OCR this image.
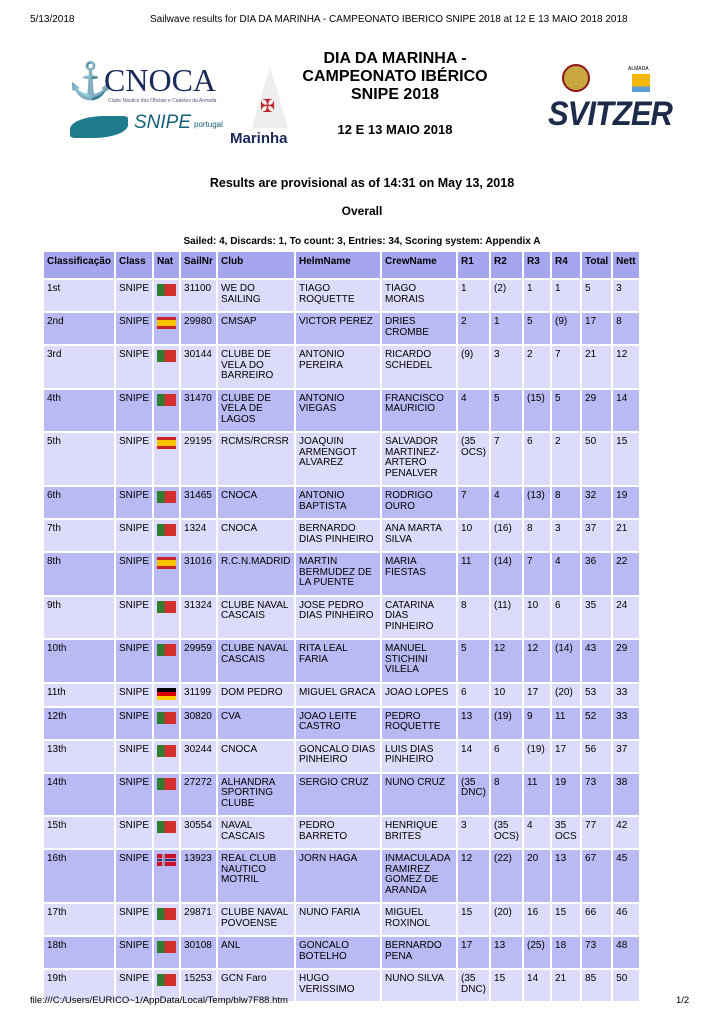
5/13/2018	Sailwave results for DIA DA MARINHA - CAMPEONATO IBERICO SNIPE 2018 at 12 E 13 MAIO 2018 2018
⚓
CNOCA
Clube Náutico dos Oficiais e Cadetes da Armada
SNIPE portugal
✠
Marinha
DIA DA MARINHA -
CAMPEONATO IBÉRICO
SNIPE 2018
12 E 13 MAIO 2018
ALMADA
SVITZER
Results are provisional as of 14:31 on May 13, 2018
Overall
Sailed: 4, Discards: 1, To count: 3, Entries: 34, Scoring system: Appendix A
Classificação	Class	Nat	SailNr	Club	HelmName	CrewName	R1	R2	R3	R4	Total	Nett
1st	SNIPE		31100	WE DO SAILING	TIAGO ROQUETTE	TIAGO MORAIS	1	(2)	1	1	5	3
2nd	SNIPE		29980	CMSAP	VICTOR PEREZ	DRIES CROMBE	2	1	5	(9)	17	8
3rd	SNIPE		30144	CLUBE DE VELA DO BARREIRO	ANTONIO PEREIRA	RICARDO SCHEDEL	(9)	3	2	7	21	12
4th	SNIPE		31470	CLUBE DE VELA DE LAGOS	ANTONIO VIEGAS	FRANCISCO MAURICIO	4	5	(15)	5	29	14
5th	SNIPE		29195	RCMS/RCRSR	JOAQUIN ARMENGOT ALVAREZ	SALVADOR MARTINEZ-ARTERO PENALVER	(35 OCS)	7	6	2	50	15
6th	SNIPE		31465	CNOCA	ANTONIO BAPTISTA	RODRIGO OURO	7	4	(13)	8	32	19
7th	SNIPE		1324	CNOCA	BERNARDO DIAS PINHEIRO	ANA MARTA SILVA	10	(16)	8	3	37	21
8th	SNIPE		31016	R.C.N.MADRID	MARTIN BERMUDEZ DE LA PUENTE	MARIA FIESTAS	11	(14)	7	4	36	22
9th	SNIPE		31324	CLUBE NAVAL CASCAIS	JOSE PEDRO DIAS PINHEIRO	CATARINA DIAS PINHEIRO	8	(11)	10	6	35	24
10th	SNIPE		29959	CLUBE NAVAL CASCAIS	RITA LEAL FARIA	MANUEL STICHINI VILELA	5	12	12	(14)	43	29
11th	SNIPE		31199	DOM PEDRO	MIGUEL GRACA	JOAO LOPES	6	10	17	(20)	53	33
12th	SNIPE		30820	CVA	JOAO LEITE CASTRO	PEDRO ROQUETTE	13	(19)	9	11	52	33
13th	SNIPE		30244	CNOCA	GONCALO DIAS PINHEIRO	LUIS DIAS PINHEIRO	14	6	(19)	17	56	37
14th	SNIPE		27272	ALHANDRA SPORTING CLUBE	SERGIO CRUZ	NUNO CRUZ	(35 DNC)	8	11	19	73	38
15th	SNIPE		30554	NAVAL CASCAIS	PEDRO BARRETO	HENRIQUE BRITES	3	(35 OCS)	4	35 OCS	77	42
16th	SNIPE		13923	REAL CLUB NAUTICO MOTRIL	JORN HAGA	INMACULADA RAMIREZ GOMEZ DE ARANDA	12	(22)	20	13	67	45
17th	SNIPE		29871	CLUBE NAVAL POVOENSE	NUNO FARIA	MIGUEL ROXINOL	15	(20)	16	15	66	46
18th	SNIPE		30108	ANL	GONCALO BOTELHO	BERNARDO PENA	17	13	(25)	18	73	48
19th	SNIPE		15253	GCN Faro	HUGO VERISSIMO	NUNO SILVA	(35 DNC)	15	14	21	85	50
file:///C:/Users/EURICO~1/AppData/Local/Temp/blw7F88.htm	1/2
